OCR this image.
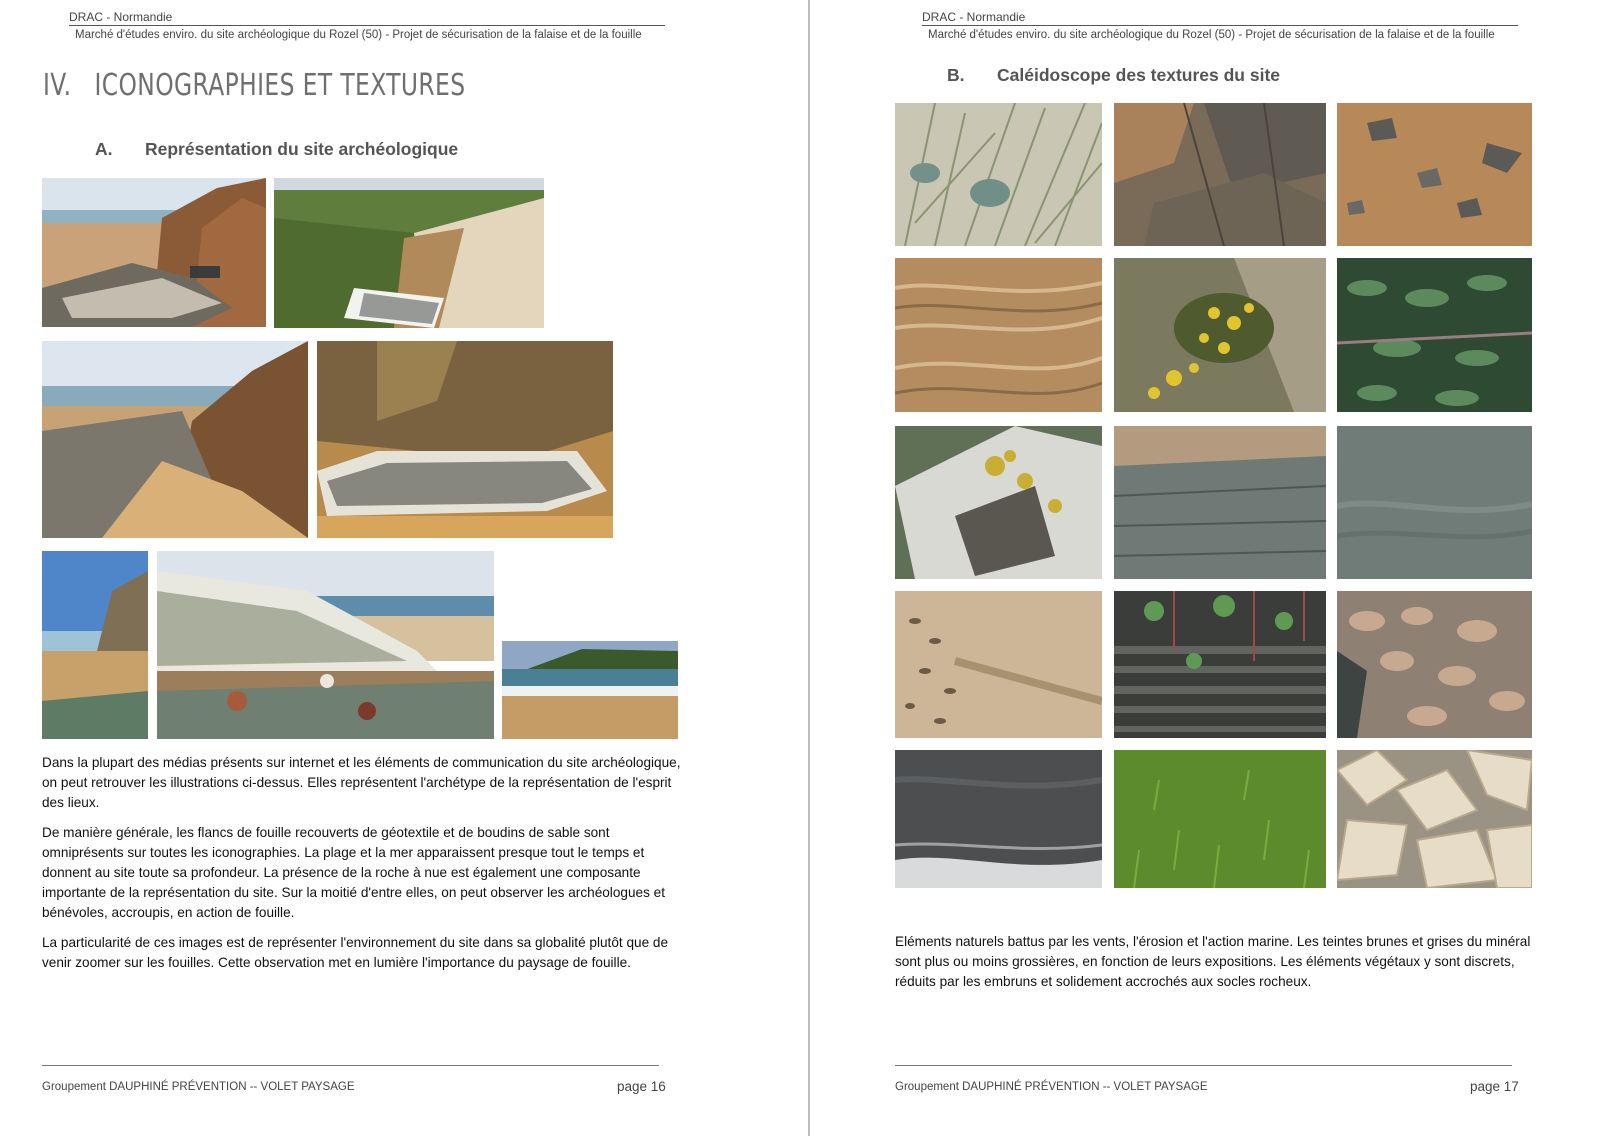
DRAC - Normandie
Marché d'études enviro. du site archéologique du Rozel (50) - Projet de sécurisation de la falaise et de la fouille
IV. ICONOGRAPHIES ET TEXTURES
A. Représentation du site archéologique

Dans la plupart des médias présents sur internet et les éléments de communication du site archéologique, on peut retrouver les illustrations ci-dessus. Elles représentent l'archétype de la représentation de l'esprit des lieux.

De manière générale, les flancs de fouille recouverts de géotextile et de boudins de sable sont omniprésents sur toutes les iconographies. La plage et la mer apparaissent presque tout le temps et donnent au site toute sa profondeur. La présence de la roche à nue est également une composante importante de la représentation du site. Sur la moitié d'entre elles, on peut observer les archéologues et bénévoles, accroupis, en action de fouille.

La particularité de ces images est de représenter l'environnement du site dans sa globalité plutôt que de venir zoomer sur les fouilles. Cette observation met en lumière l'importance du paysage de fouille.

Groupement DAUPHINÉ PRÉVENTION -- VOLET PAYSAGE	page 16
DRAC - Normandie
Marché d'études enviro. du site archéologique du Rozel (50) - Projet de sécurisation de la falaise et de la fouille
B. Caléidoscope des textures du site

Eléments naturels battus par les vents, l'érosion et l'action marine. Les teintes brunes et grises du minéral sont plus ou moins grossières, en fonction de leurs expositions. Les éléments végétaux y sont discrets, réduits par les embruns et solidement accrochés aux socles rocheux.

Groupement DAUPHINÉ PRÉVENTION -- VOLET PAYSAGE	page 17
